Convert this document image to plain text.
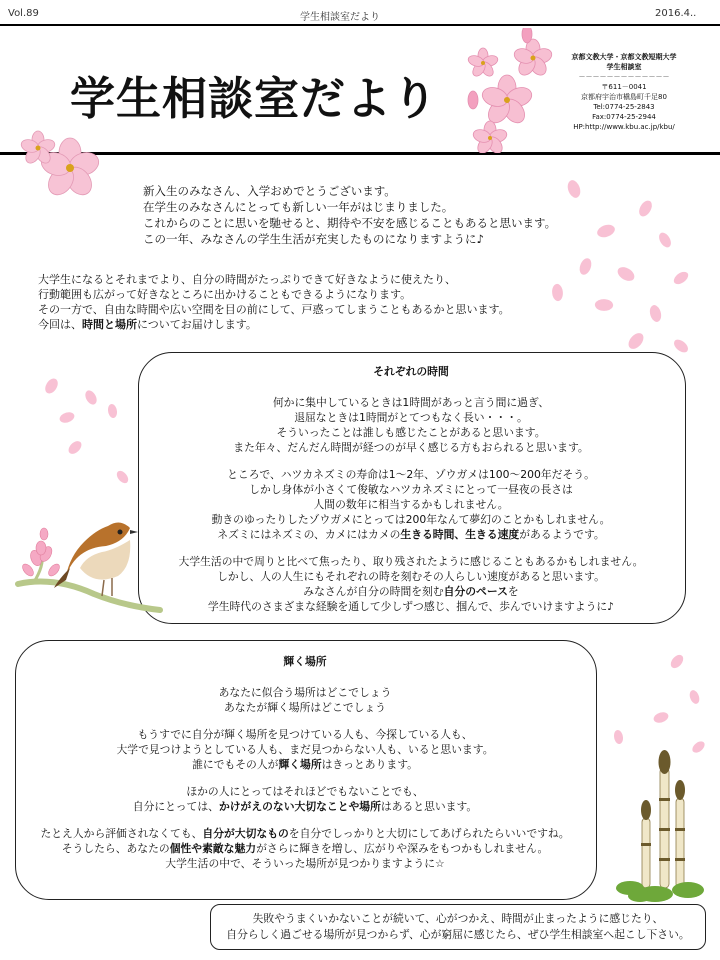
Vol.89	学生相談室だより	2016.4..
学生相談室だより
京都文教大学・京都文教短期大学
学生相談室
－－－－－－－－－－－－－
〒611－0041
京都府宇治市槇島町千足80
Tel:0774-25-2843
Fax:0774-25-2944
HP:http://www.kbu.ac.jp/kbu/
新入生のみなさん、入学おめでとうございます。
在学生のみなさんにとっても新しい一年がはじまりました。
これからのことに思いを馳せると、期待や不安を感じることもあると思います。
この一年、みなさんの学生生活が充実したものになりますように♪
大学生になるとそれまでより、自分の時間がたっぷりできて好きなように使えたり、
行動範囲も広がって好きなところに出かけることもできるようになります。
その一方で、自由な時間や広い空間を目の前にして、戸惑ってしまうこともあるかと思います。
今回は、時間と場所についてお届けします。
それぞれの時間
何かに集中しているときは1時間があっと言う間に過ぎ、
退屈なときは1時間がとてつもなく長い・・・。
そういったことは誰しも感じたことがあると思います。
また年々、だんだん時間が経つのが早く感じる方もおられると思います。
ところで、ハツカネズミの寿命は1～2年、ゾウガメは100～200年だそう。
しかし身体が小さくて俊敏なハツカネズミにとって一昼夜の長さは
人間の数年に相当するかもしれません。
動きのゆったりしたゾウガメにとっては200年なんて夢幻のことかもしれません。
ネズミにはネズミの、カメにはカメの生きる時間、生きる速度があるようです。
大学生活の中で周りと比べて焦ったり、取り残されたように感じることもあるかもしれません。
しかし、人の人生にもそれぞれの時を刻むその人らしい速度があると思います。
みなさんが自分の時間を刻む自分のペースを
学生時代のさまざまな経験を通して少しずつ感じ、掴んで、歩んでいけますように♪
輝く場所
あなたに似合う場所はどこでしょう
あなたが輝く場所はどこでしょう
もうすでに自分が輝く場所を見つけている人も、今探している人も、
大学で見つけようとしている人も、まだ見つからない人も、いると思います。
誰にでもその人が輝く場所はきっとあります。
ほかの人にとってはそれほどでもないことでも、
自分にとっては、かけがえのない大切なことや場所はあると思います。
たとえ人から評価されなくても、自分が大切なものを自分でしっかりと大切にしてあげられたらいいですね。
そうしたら、あなたの個性や素敵な魅力がさらに輝きを増し、広がりや深みをもつかもしれません。
大学生活の中で、そういった場所が見つかりますように☆
失敗やうまくいかないことが続いて、心がつかえ、時間が止まったように感じたり、
自分らしく過ごせる場所が見つからず、心が窮屈に感じたら、ぜひ学生相談室へ起こし下さい。
